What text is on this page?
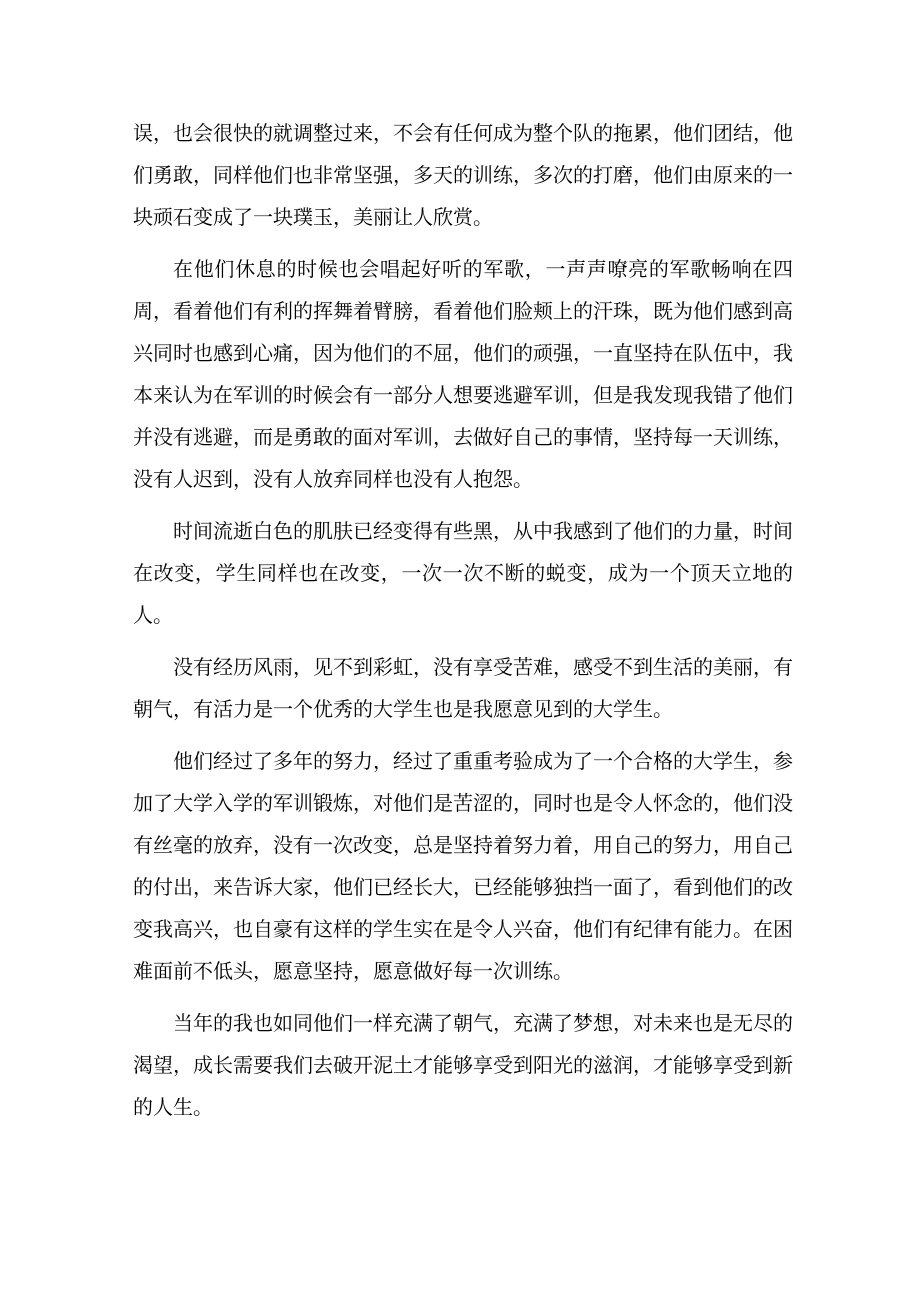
误，也会很快的就调整过来，不会有任何成为整个队的拖累，他们团结，他们勇敢，同样他们也非常坚强，多天的训练，多次的打磨，他们由原来的一块顽石变成了一块璞玉，美丽让人欣赏。

在他们休息的时候也会唱起好听的军歌，一声声嘹亮的军歌畅响在四周，看着他们有利的挥舞着臂膀，看着他们脸颊上的汗珠，既为他们感到高兴同时也感到心痛，因为他们的不屈，他们的顽强，一直坚持在队伍中，我本来认为在军训的时候会有一部分人想要逃避军训，但是我发现我错了他们并没有逃避，而是勇敢的面对军训，去做好自己的事情，坚持每一天训练，没有人迟到，没有人放弃同样也没有人抱怨。

时间流逝白色的肌肤已经变得有些黑，从中我感到了他们的力量，时间在改变，学生同样也在改变，一次一次不断的蜕变，成为一个顶天立地的人。

没有经历风雨，见不到彩虹，没有享受苦难，感受不到生活的美丽，有朝气，有活力是一个优秀的大学生也是我愿意见到的大学生。

他们经过了多年的努力，经过了重重考验成为了一个合格的大学生，参加了大学入学的军训锻炼，对他们是苦涩的，同时也是令人怀念的，他们没有丝毫的放弃，没有一次改变，总是坚持着努力着，用自己的努力，用自己的付出，来告诉大家，他们已经长大，已经能够独挡一面了，看到他们的改变我高兴，也自豪有这样的学生实在是令人兴奋，他们有纪律有能力。在困难面前不低头，愿意坚持，愿意做好每一次训练。

当年的我也如同他们一样充满了朝气，充满了梦想，对未来也是无尽的渴望，成长需要我们去破开泥土才能够享受到阳光的滋润，才能够享受到新的人生。
